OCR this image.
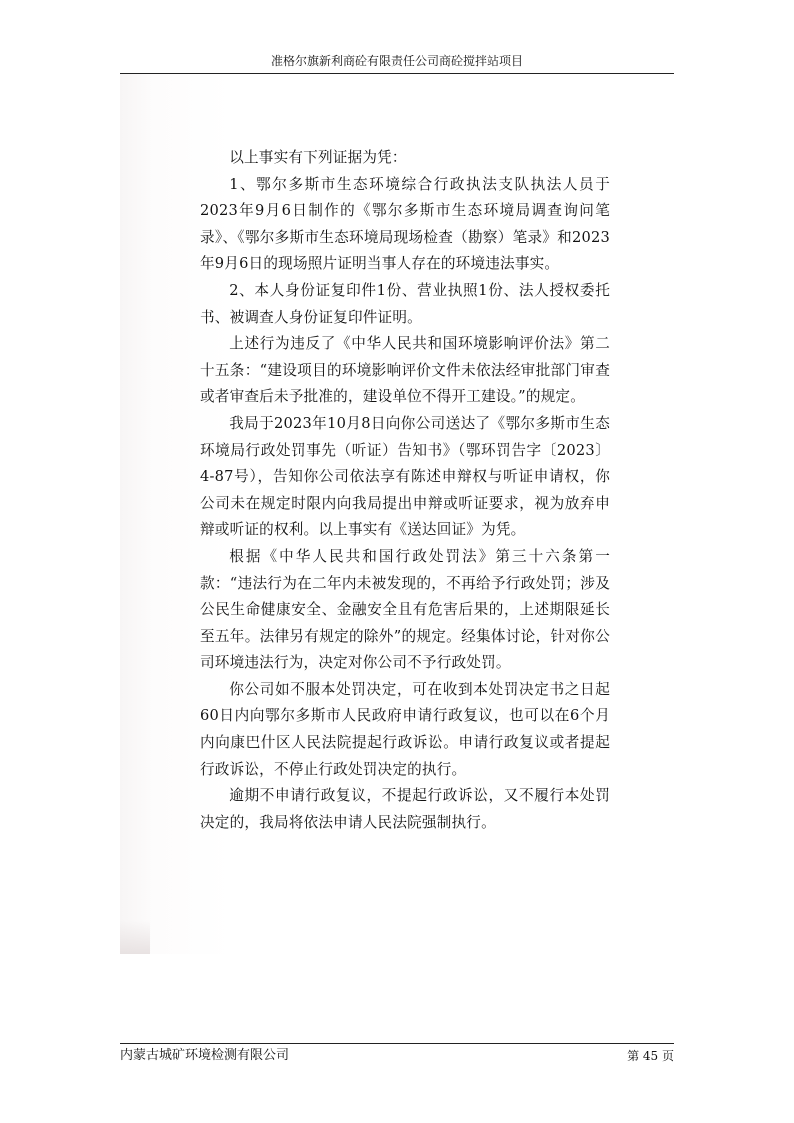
准格尔旗新利商砼有限责任公司商砼搅拌站项目

以上事实有下列证据为凭：

1、鄂尔多斯市生态环境综合行政执法支队执法人员于2023年9月6日制作的《鄂尔多斯市生态环境局调查询问笔录》、《鄂尔多斯市生态环境局现场检查（勘察）笔录》和2023年9月6日的现场照片证明当事人存在的环境违法事实。

2、本人身份证复印件1份、营业执照1份、法人授权委托书、被调查人身份证复印件证明。

上述行为违反了《中华人民共和国环境影响评价法》第二十五条：“建设项目的环境影响评价文件未依法经审批部门审查或者审查后未予批准的，建设单位不得开工建设。”的规定。

我局于2023年10月8日向你公司送达了《鄂尔多斯市生态环境局行政处罚事先（听证）告知书》（鄂环罚告字〔2023〕4-87号），告知你公司依法享有陈述申辩权与听证申请权，你公司未在规定时限内向我局提出申辩或听证要求，视为放弃申辩或听证的权利。以上事实有《送达回证》为凭。

根据《中华人民共和国行政处罚法》第三十六条第一款：“违法行为在二年内未被发现的，不再给予行政处罚；涉及公民生命健康安全、金融安全且有危害后果的，上述期限延长至五年。法律另有规定的除外”的规定。经集体讨论，针对你公司环境违法行为，决定对你公司不予行政处罚。

你公司如不服本处罚决定，可在收到本处罚决定书之日起60日内向鄂尔多斯市人民政府申请行政复议，也可以在6个月内向康巴什区人民法院提起行政诉讼。申请行政复议或者提起行政诉讼，不停止行政处罚决定的执行。

逾期不申请行政复议，不提起行政诉讼，又不履行本处罚决定的，我局将依法申请人民法院强制执行。

内蒙古城矿环境检测有限公司	第 45 页
